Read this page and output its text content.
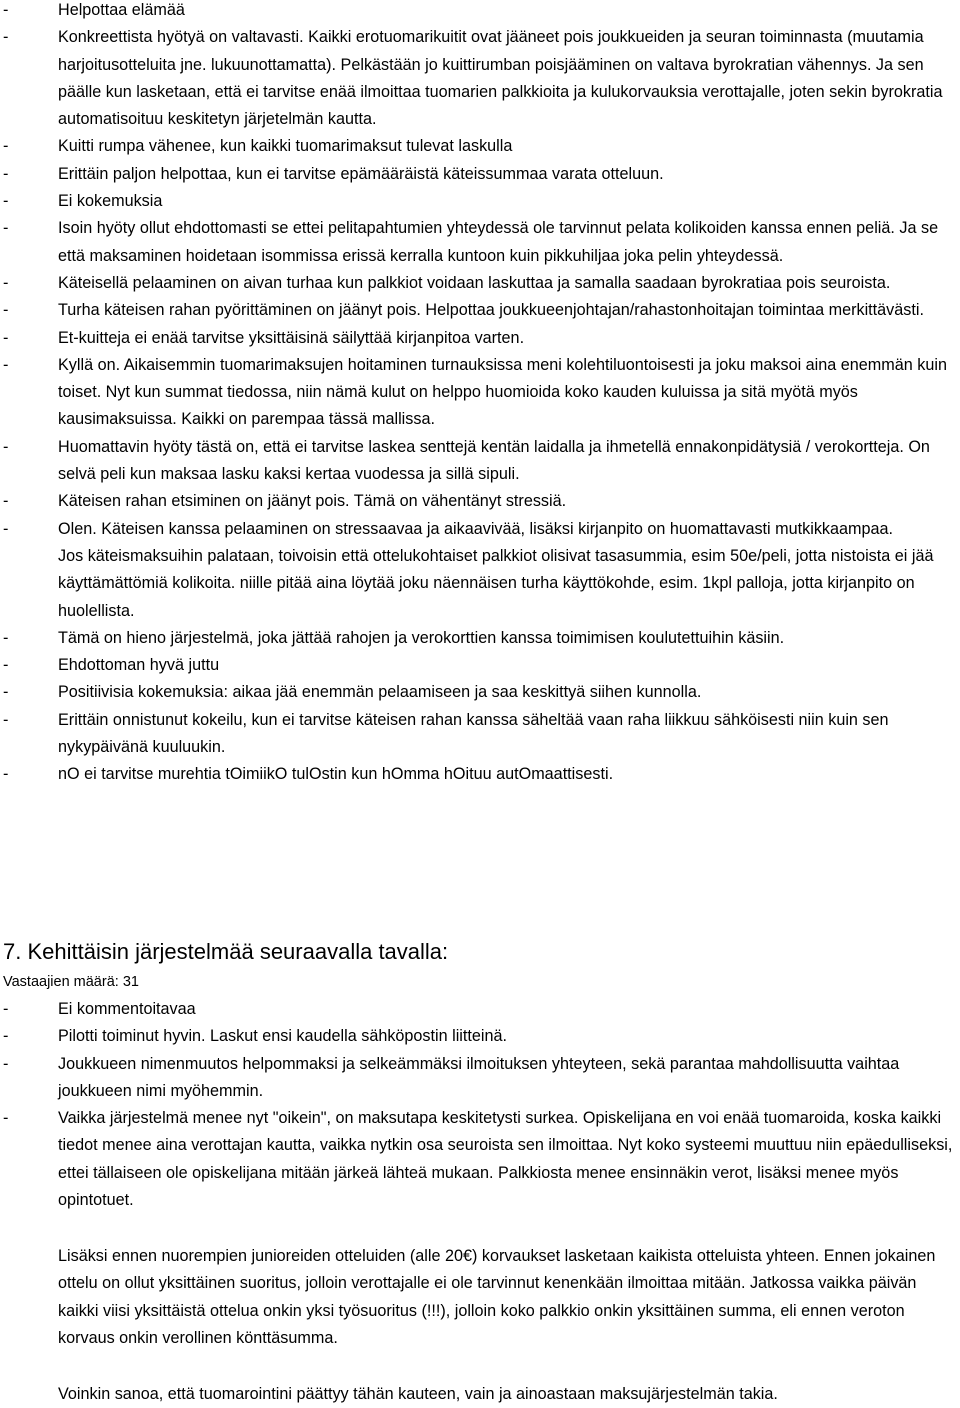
-	Helpottaa elämää
-	Konkreettista hyötyä on valtavasti. Kaikki erotuomarikuitit ovat jääneet pois joukkueiden ja seuran toiminnasta (muutamia harjoitusotteluita jne. lukuunottamatta). Pelkästään jo kuittirumban poisjääminen on valtava byrokratian vähennys. Ja sen päälle kun lasketaan, että ei tarvitse enää ilmoittaa tuomarien palkkioita ja kulukorvauksia verottajalle, joten sekin byrokratia automatisoituu keskitetyn järjetelmän kautta.
-	Kuitti rumpa vähenee, kun kaikki tuomarimaksut tulevat laskulla
-	Erittäin paljon helpottaa, kun ei tarvitse epämääräistä käteissummaa varata otteluun.
-	Ei kokemuksia
-	Isoin hyöty ollut ehdottomasti se ettei pelitapahtumien yhteydessä ole tarvinnut pelata kolikoiden kanssa ennen peliä. Ja se että maksaminen hoidetaan isommissa erissä kerralla kuntoon kuin pikkuhiljaa joka pelin yhteydessä.
-	Käteisellä pelaaminen on aivan turhaa kun palkkiot voidaan laskuttaa ja samalla saadaan byrokratiaa pois seuroista.
-	Turha käteisen rahan pyörittäminen on jäänyt pois. Helpottaa joukkueenjohtajan/rahastonhoitajan toimintaa merkittävästi.
-	Et-kuitteja ei enää tarvitse yksittäisinä säilyttää kirjanpitoa varten.
-	Kyllä on. Aikaisemmin tuomarimaksujen hoitaminen turnauksissa meni kolehtiluontoisesti ja joku maksoi aina enemmän kuin toiset. Nyt kun summat tiedossa, niin nämä kulut on helppo huomioida koko kauden kuluissa ja sitä myötä myös kausimaksuissa. Kaikki on parempaa tässä mallissa.
-	Huomattavin hyöty tästä on, että ei tarvitse laskea senttejä kentän laidalla ja ihmetellä ennakonpidätysiä / verokortteja. On selvä peli kun maksaa lasku kaksi kertaa vuodessa ja sillä sipuli.
-	Käteisen rahan etsiminen on jäänyt pois. Tämä on vähentänyt stressiä.
-	Olen. Käteisen kanssa pelaaminen on stressaavaa ja aikaavivää, lisäksi kirjanpito on huomattavasti mutkikkaampaa.
Jos käteismaksuihin palataan, toivoisin että ottelukohtaiset palkkiot olisivat tasasummia, esim 50e/peli, jotta nistoista ei jää käyttämättömiä kolikoita. niille pitää aina löytää joku näennäisen turha käyttökohde, esim. 1kpl palloja, jotta kirjanpito on huolellista.
-	Tämä on hieno järjestelmä, joka jättää rahojen ja verokorttien kanssa toimimisen koulutettuihin käsiin.
-	Ehdottoman hyvä juttu
-	Positiivisia kokemuksia: aikaa jää enemmän pelaamiseen ja saa keskittyä siihen kunnolla.
-	Erittäin onnistunut kokeilu, kun ei tarvitse käteisen rahan kanssa säheltää vaan raha liikkuu sähköisesti niin kuin sen nykypäivänä kuuluukin.
-	nO ei tarvitse murehtia tOimiikO tulOstin kun hOmma hOituu autOmaattisesti.
7. Kehittäisin järjestelmää seuraavalla tavalla:
Vastaajien määrä: 31
-	Ei kommentoitavaa
-	Pilotti toiminut hyvin. Laskut ensi kaudella sähköpostin liitteinä.
-	Joukkueen nimenmuutos helpommaksi ja selkeämmäksi ilmoituksen yhteyteen, sekä parantaa mahdollisuutta vaihtaa joukkueen nimi myöhemmin.
-	Vaikka järjestelmä menee nyt "oikein", on maksutapa keskitetysti surkea. Opiskelijana en voi enää tuomaroida, koska kaikki tiedot menee aina verottajan kautta, vaikka nytkin osa seuroista sen ilmoittaa. Nyt koko systeemi muuttuu niin epäedulliseksi, ettei tällaiseen ole opiskelijana mitään järkeä lähteä mukaan. Palkkiosta menee ensinnäkin verot, lisäksi menee myös opintotuet.

Lisäksi ennen nuorempien junioreiden otteluiden (alle 20€) korvaukset lasketaan kaikista otteluista yhteen. Ennen jokainen ottelu on ollut yksittäinen suoritus, jolloin verottajalle ei ole tarvinnut kenenkään ilmoittaa mitään. Jatkossa vaikka päivän kaikki viisi yksittäistä ottelua onkin yksi työsuoritus (!!!), jolloin koko palkkio onkin yksittäinen summa, eli ennen veroton korvaus onkin verollinen könttäsumma.

Voinkin sanoa, että tuomarointini päättyy tähän kauteen, vain ja ainoastaan maksujärjestelmän takia.
